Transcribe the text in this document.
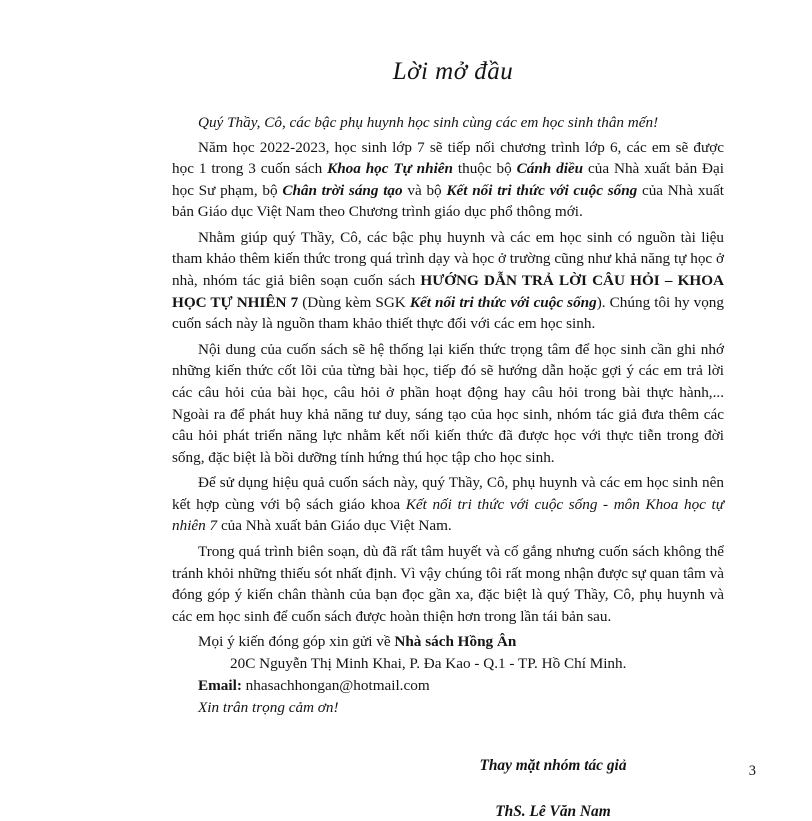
Lời mở đầu

Quý Thầy, Cô, các bậc phụ huynh học sinh cùng các em học sinh thân mến!

Năm học 2022-2023, học sinh lớp 7 sẽ tiếp nối chương trình lớp 6, các em sẽ được học 1 trong 3 cuốn sách Khoa học Tự nhiên thuộc bộ Cánh diều của Nhà xuất bản Đại học Sư phạm, bộ Chân trời sáng tạo và bộ Kết nối tri thức với cuộc sống của Nhà xuất bản Giáo dục Việt Nam theo Chương trình giáo dục phổ thông mới.

Nhằm giúp quý Thầy, Cô, các bậc phụ huynh và các em học sinh có nguồn tài liệu tham khảo thêm kiến thức trong quá trình dạy và học ở trường cũng như khả năng tự học ở nhà, nhóm tác giả biên soạn cuốn sách HƯỚNG DẪN TRẢ LỜI CÂU HỎI – KHOA HỌC TỰ NHIÊN 7 (Dùng kèm SGK Kết nối tri thức với cuộc sống). Chúng tôi hy vọng cuốn sách này là nguồn tham khảo thiết thực đối với các em học sinh.

Nội dung của cuốn sách sẽ hệ thống lại kiến thức trọng tâm để học sinh cần ghi nhớ những kiến thức cốt lõi của từng bài học, tiếp đó sẽ hướng dẫn hoặc gợi ý các em trả lời các câu hỏi của bài học, câu hỏi ở phần hoạt động hay câu hỏi trong bài thực hành,... Ngoài ra để phát huy khả năng tư duy, sáng tạo của học sinh, nhóm tác giả đưa thêm các câu hỏi phát triển năng lực nhằm kết nối kiến thức đã được học với thực tiễn trong đời sống, đặc biệt là bồi dưỡng tính hứng thú học tập cho học sinh.

Để sử dụng hiệu quả cuốn sách này, quý Thầy, Cô, phụ huynh và các em học sinh nên kết hợp cùng với bộ sách giáo khoa Kết nối tri thức với cuộc sống - môn Khoa học tự nhiên 7 của Nhà xuất bản Giáo dục Việt Nam.

Trong quá trình biên soạn, dù đã rất tâm huyết và cố gắng nhưng cuốn sách không thể tránh khỏi những thiếu sót nhất định. Vì vậy chúng tôi rất mong nhận được sự quan tâm và đóng góp ý kiến chân thành của bạn đọc gần xa, đặc biệt là quý Thầy, Cô, phụ huynh và các em học sinh để cuốn sách được hoàn thiện hơn trong lần tái bản sau.

Mọi ý kiến đóng góp xin gửi về Nhà sách Hồng Ân

20C Nguyễn Thị Minh Khai, P. Đa Kao - Q.1 - TP. Hồ Chí Minh.

Email: nhasachhongan@hotmail.com

Xin trân trọng cảm ơn!

Thay mặt nhóm tác giả
ThS. Lê Văn Nam
3
